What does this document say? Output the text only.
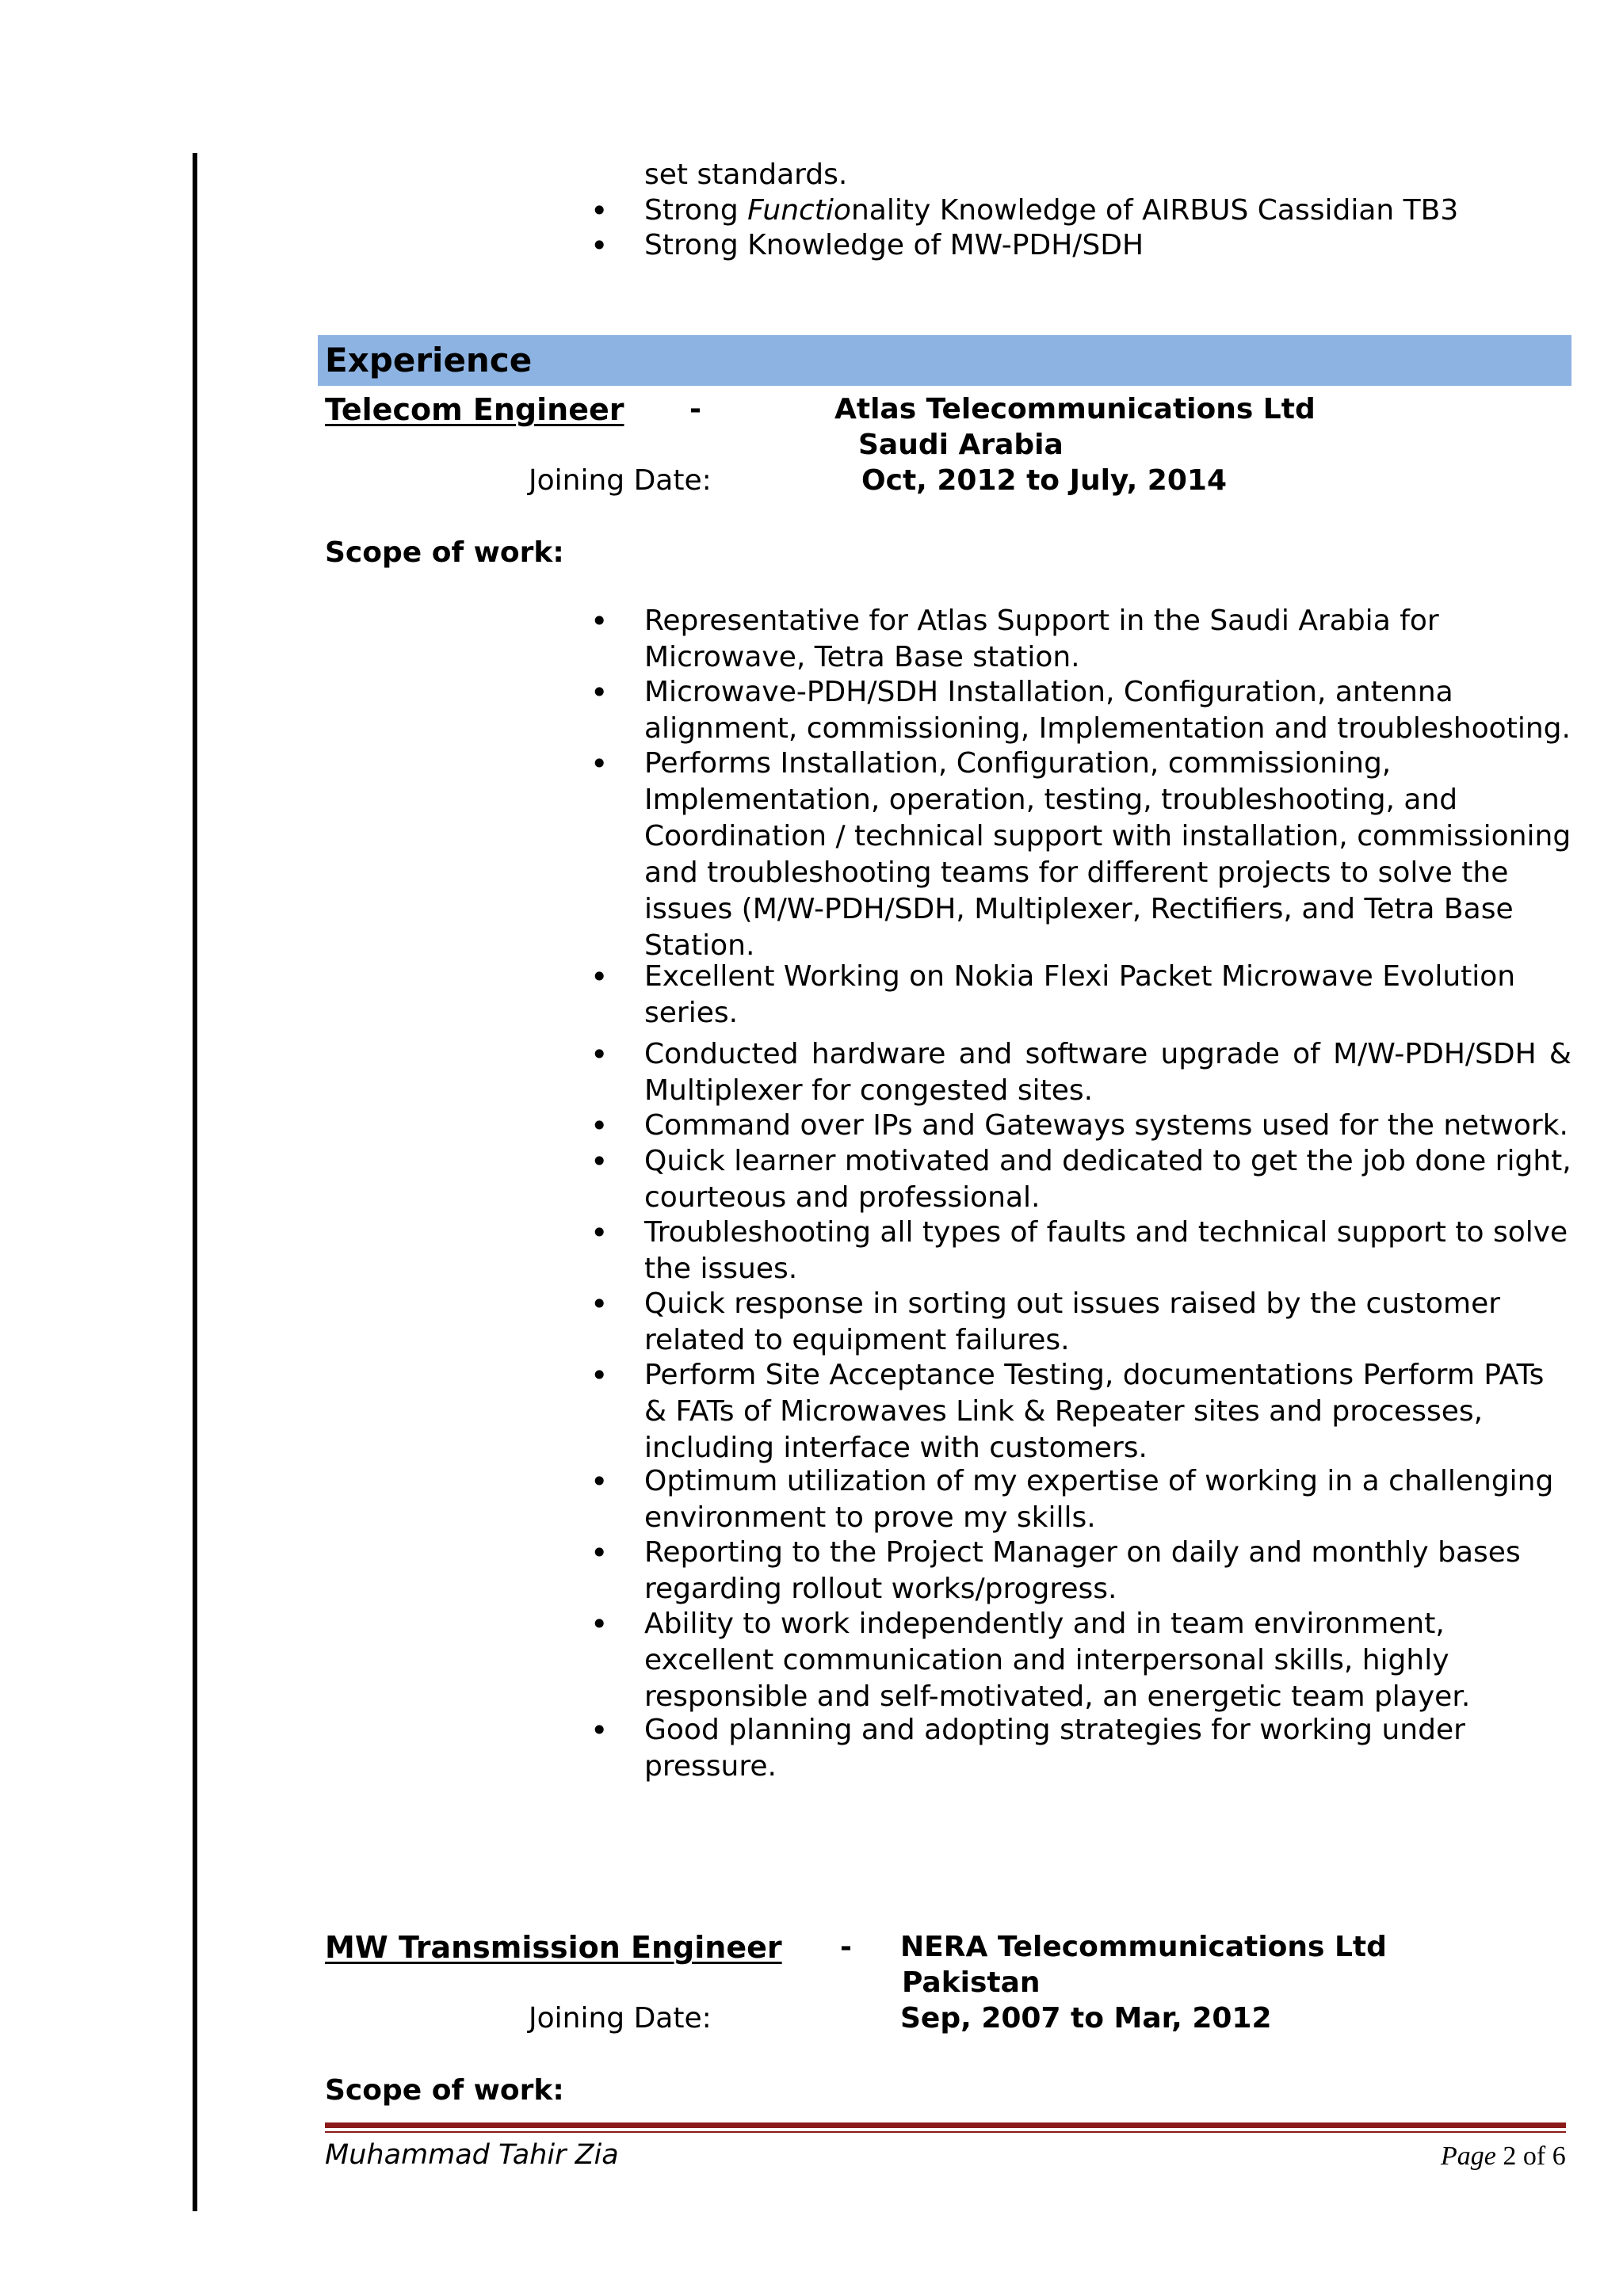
set standards.

• Strong Functionality Knowledge of AIRBUS Cassidian TB3

• Strong Knowledge of MW-PDH/SDH

Experience
Telecom Engineer -	Atlas Telecommunications Ltd
Saudi Arabia
Joining Date:	Oct, 2012 to July, 2014
Scope of work:

• Representative for Atlas Support in the Saudi Arabia for Microwave, Tetra Base station.

• Microwave-PDH/SDH Installation, Configuration, antenna alignment, commissioning, Implementation and troubleshooting.

• Performs Installation, Configuration, commissioning, Implementation, operation, testing, troubleshooting, and Coordination / technical support with installation, commissioning and troubleshooting teams for different projects to solve the issues (M/W-PDH/SDH, Multiplexer, Rectifiers, and Tetra Base Station.

• Excellent Working on Nokia Flexi Packet Microwave Evolution series.

• Conducted hardware and software upgrade of M/W-PDH/SDH & Multiplexer for congested sites.

• Command over IPs and Gateways systems used for the network.

• Quick learner motivated and dedicated to get the job done right, courteous and professional.

• Troubleshooting all types of faults and technical support to solve the issues.

• Quick response in sorting out issues raised by the customer related to equipment failures.

• Perform Site Acceptance Testing, documentations Perform PATs & FATs of Microwaves Link & Repeater sites and processes, including interface with customers.

• Optimum utilization of my expertise of working in a challenging environment to prove my skills.

• Reporting to the Project Manager on daily and monthly bases regarding rollout works/progress.

• Ability to work independently and in team environment, excellent communication and interpersonal skills, highly responsible and self-motivated, an energetic team player.

• Good planning and adopting strategies for working under pressure.

MW Transmission Engineer - NERA Telecommunications Ltd
Pakistan
Joining Date:	Sep, 2007 to Mar, 2012
Scope of work:
Muhammad Tahir Zia	Page 2 of 6
